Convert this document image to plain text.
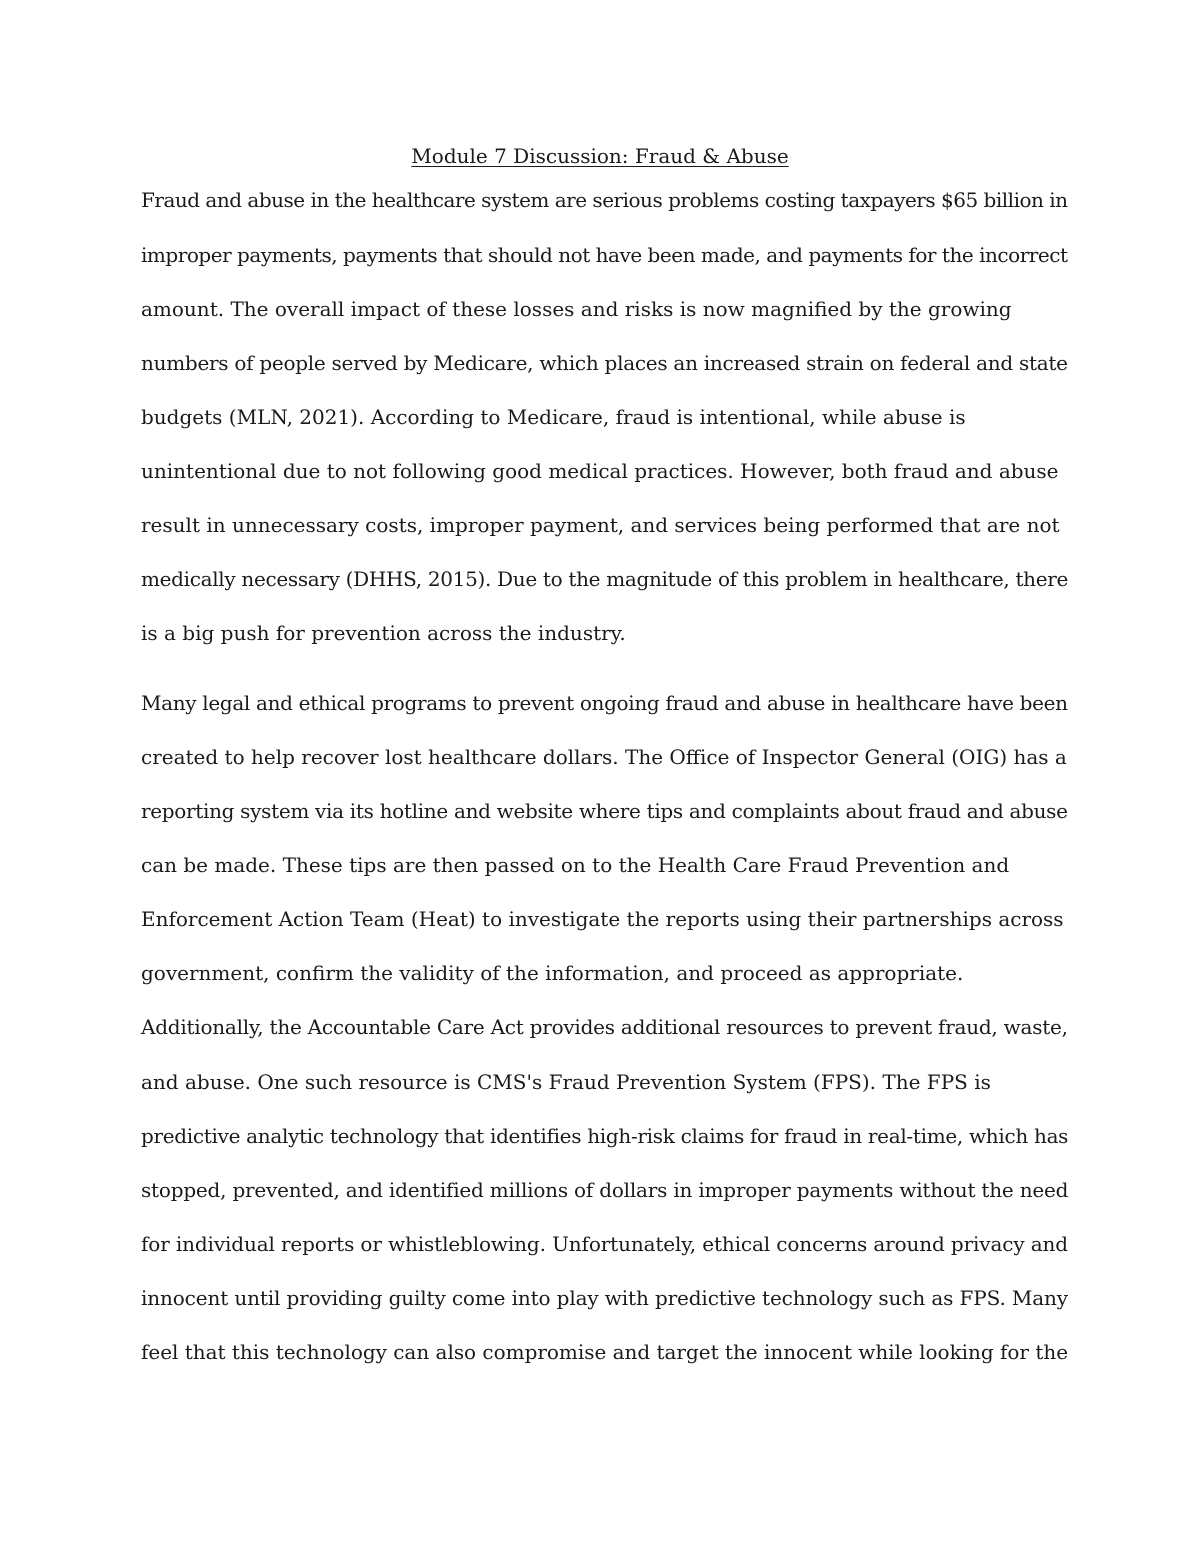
Module 7 Discussion: Fraud & Abuse
Fraud and abuse in the healthcare system are serious problems costing taxpayers $65 billion in
improper payments, payments that should not have been made, and payments for the incorrect
amount. The overall impact of these losses and risks is now magnified by the growing
numbers of people served by Medicare, which places an increased strain on federal and state
budgets (MLN, 2021). According to Medicare, fraud is intentional, while abuse is
unintentional due to not following good medical practices. However, both fraud and abuse
result in unnecessary costs, improper payment, and services being performed that are not
medically necessary (DHHS, 2015). Due to the magnitude of this problem in healthcare, there
is a big push for prevention across the industry.
Many legal and ethical programs to prevent ongoing fraud and abuse in healthcare have been
created to help recover lost healthcare dollars. The Office of Inspector General (OIG) has a
reporting system via its hotline and website where tips and complaints about fraud and abuse
can be made. These tips are then passed on to the Health Care Fraud Prevention and
Enforcement Action Team (Heat) to investigate the reports using their partnerships across
government, confirm the validity of the information, and proceed as appropriate.
Additionally, the Accountable Care Act provides additional resources to prevent fraud, waste,
and abuse. One such resource is CMS's Fraud Prevention System (FPS). The FPS is
predictive analytic technology that identifies high-risk claims for fraud in real-time, which has
stopped, prevented, and identified millions of dollars in improper payments without the need
for individual reports or whistleblowing. Unfortunately, ethical concerns around privacy and
innocent until providing guilty come into play with predictive technology such as FPS. Many
feel that this technology can also compromise and target the innocent while looking for the
